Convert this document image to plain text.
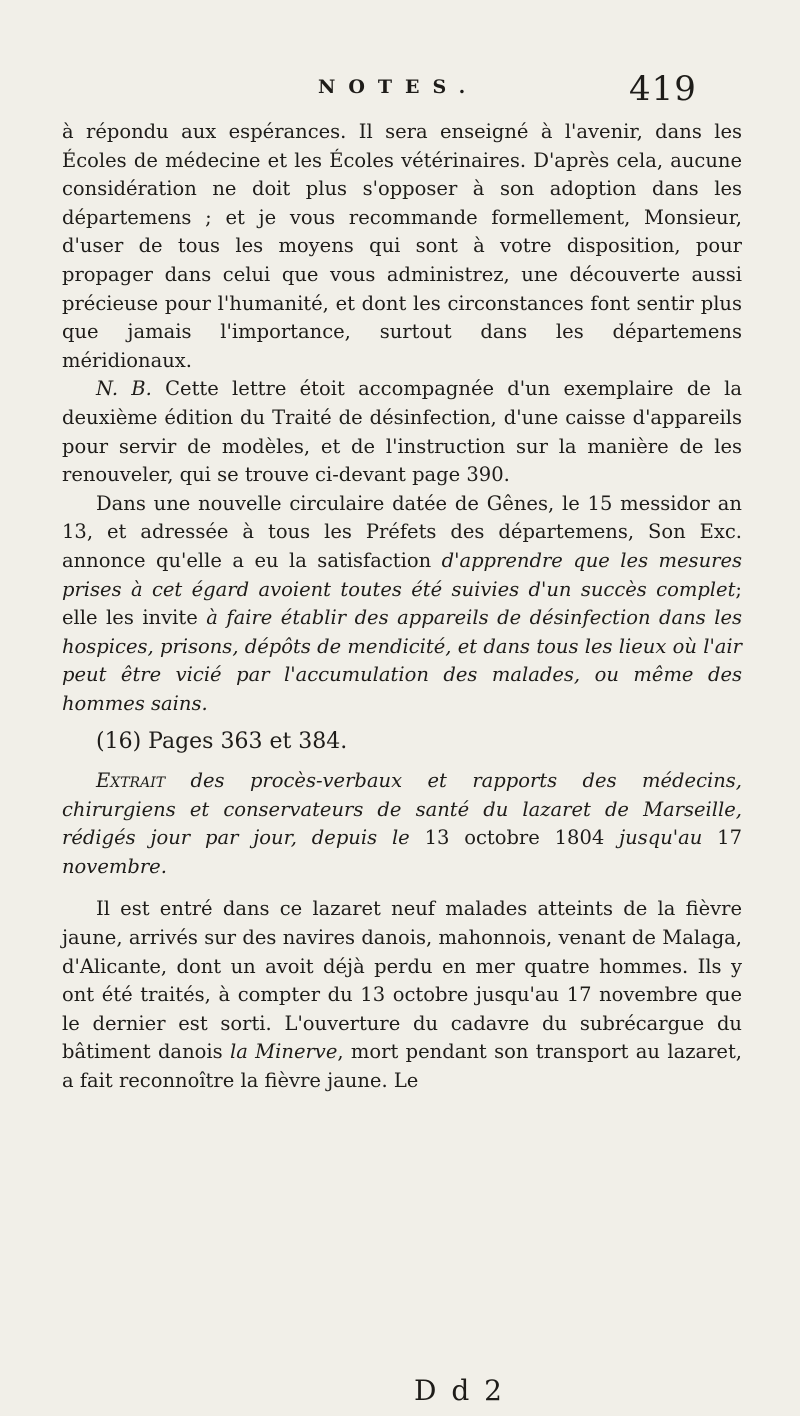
NOTES.	419

à répondu aux espérances. Il sera enseigné à l'avenir, dans les Écoles de médecine et les Écoles vétérinaires. D'après cela, aucune considération ne doit plus s'opposer à son adoption dans les départemens ; et je vous recommande formellement, Monsieur, d'user de tous les moyens qui sont à votre disposition, pour propager dans celui que vous administrez, une découverte aussi précieuse pour l'humanité, et dont les circonstances font sentir plus que jamais l'importance, surtout dans les départemens méridionaux.

N. B. Cette lettre étoit accompagnée d'un exemplaire de la deuxième édition du Traité de désinfection, d'une caisse d'appareils pour servir de modèles, et de l'instruction sur la manière de les renouveler, qui se trouve ci-devant page 390.

Dans une nouvelle circulaire datée de Gênes, le 15 messidor an 13, et adressée à tous les Préfets des départemens, Son Exc. annonce qu'elle a eu la satisfaction d'apprendre que les mesures prises à cet égard avoient toutes été suivies d'un succès complet; elle les invite à faire établir des appareils de désinfection dans les hospices, prisons, dépôts de mendicité, et dans tous les lieux où l'air peut être vicié par l'accumulation des malades, ou même des hommes sains.

(16) Pages 363 et 384.

Extrait des procès-verbaux et rapports des médecins, chirurgiens et conservateurs de santé du lazaret de Marseille, rédigés jour par jour, depuis le 13 octobre 1804 jusqu'au 17 novembre.

Il est entré dans ce lazaret neuf malades atteints de la fièvre jaune, arrivés sur des navires danois, mahonnois, venant de Malaga, d'Alicante, dont un avoit déjà perdu en mer quatre hommes. Ils y ont été traités, à compter du 13 octobre jusqu'au 17 novembre que le dernier est sorti. L'ouverture du cadavre du subrécargue du bâtiment danois la Minerve, mort pendant son transport au lazaret, a fait reconnoître la fièvre jaune. Le

D d 2
